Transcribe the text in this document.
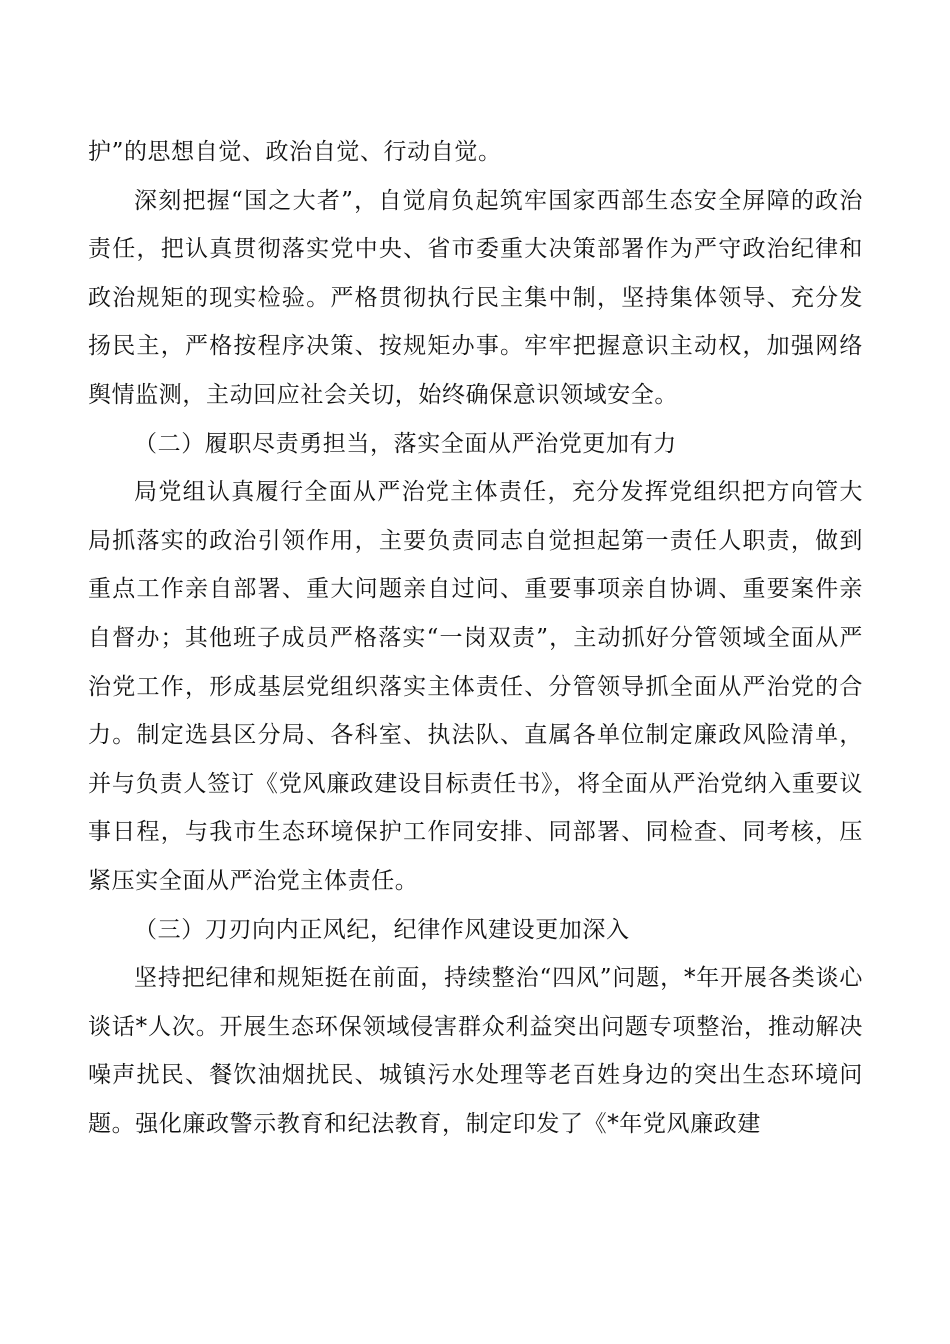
护”的思想自觉、政治自觉、行动自觉。

深刻把握“国之大者”，自觉肩负起筑牢国家西部生态安全屏障的政治责任，把认真贯彻落实党中央、省市委重大决策部署作为严守政治纪律和政治规矩的现实检验。严格贯彻执行民主集中制，坚持集体领导、充分发扬民主，严格按程序决策、按规矩办事。牢牢把握意识主动权，加强网络舆情监测，主动回应社会关切，始终确保意识领域安全。

（二）履职尽责勇担当，落实全面从严治党更加有力

局党组认真履行全面从严治党主体责任，充分发挥党组织把方向管大局抓落实的政治引领作用，主要负责同志自觉担起第一责任人职责，做到重点工作亲自部署、重大问题亲自过问、重要事项亲自协调、重要案件亲自督办；其他班子成员严格落实“一岗双责”，主动抓好分管领域全面从严治党工作，形成基层党组织落实主体责任、分管领导抓全面从严治党的合力。制定选县区分局、各科室、执法队、直属各单位制定廉政风险清单，并与负责人签订《党风廉政建设目标责任书》，将全面从严治党纳入重要议事日程，与我市生态环境保护工作同安排、同部署、同检查、同考核，压紧压实全面从严治党主体责任。

（三）刀刃向内正风纪，纪律作风建设更加深入

坚持把纪律和规矩挺在前面，持续整治“四风”问题，*年开展各类谈心谈话*人次。开展生态环保领域侵害群众利益突出问题专项整治，推动解决噪声扰民、餐饮油烟扰民、城镇污水处理等老百姓身边的突出生态环境问题。强化廉政警示教育和纪法教育，制定印发了《*年党风廉政建
